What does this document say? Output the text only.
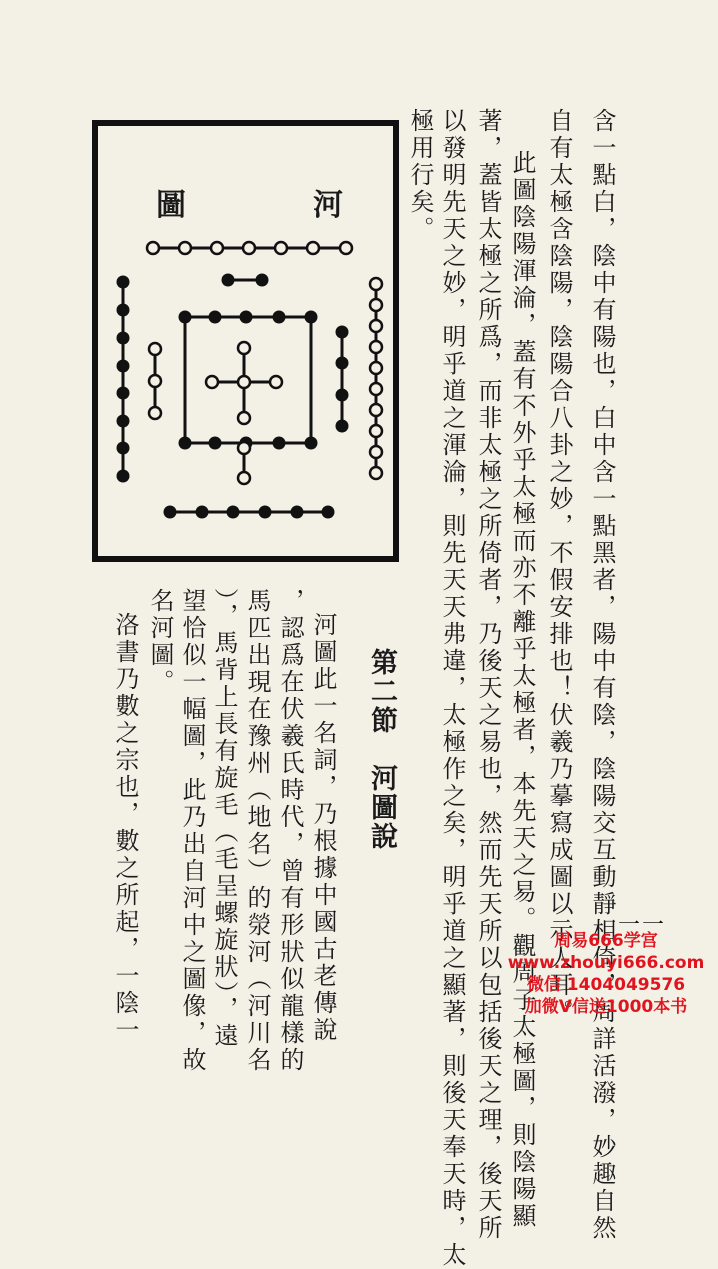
含一點白，陰中有陽也，白中含一點黑者，陽中有陰，陰陽交互動靜相倚，周詳活潑，妙趣自然
自有太極含陰陽，陰陽合八卦之妙，不假安排也！伏羲乃摹寫成圖以示人耳。
此圖陰陽渾淪，蓋有不外乎太極而亦不離乎太極者，本先天之易。觀周子太極圖，則陰陽顯
著，蓋皆太極之所爲，而非太極之所倚者，乃後天之易也，然而先天所以包括後天之理，後天所
以發明先天之妙，明乎道之渾淪，則先天天弗違，太極作之矣，明乎道之顯著，則後天奉天時，太
極用行矣。
河
圖
第二節　河圖說
河圖此一名詞，乃根據中國古老傳說
，認爲在伏羲氏時代，曾有形狀似龍樣的
馬匹出現在豫州（地名）的滎河（河川名
），馬背上長有旋毛（毛呈螺旋狀），遠
望恰似一幅圖，此乃出自河中之圖像，故
名河圖。
洛書乃數之宗也，數之所起，一陰一	一一
周易666学宫
www.zhouyi666.com
微信 1404049576
加微V信送1000本书
